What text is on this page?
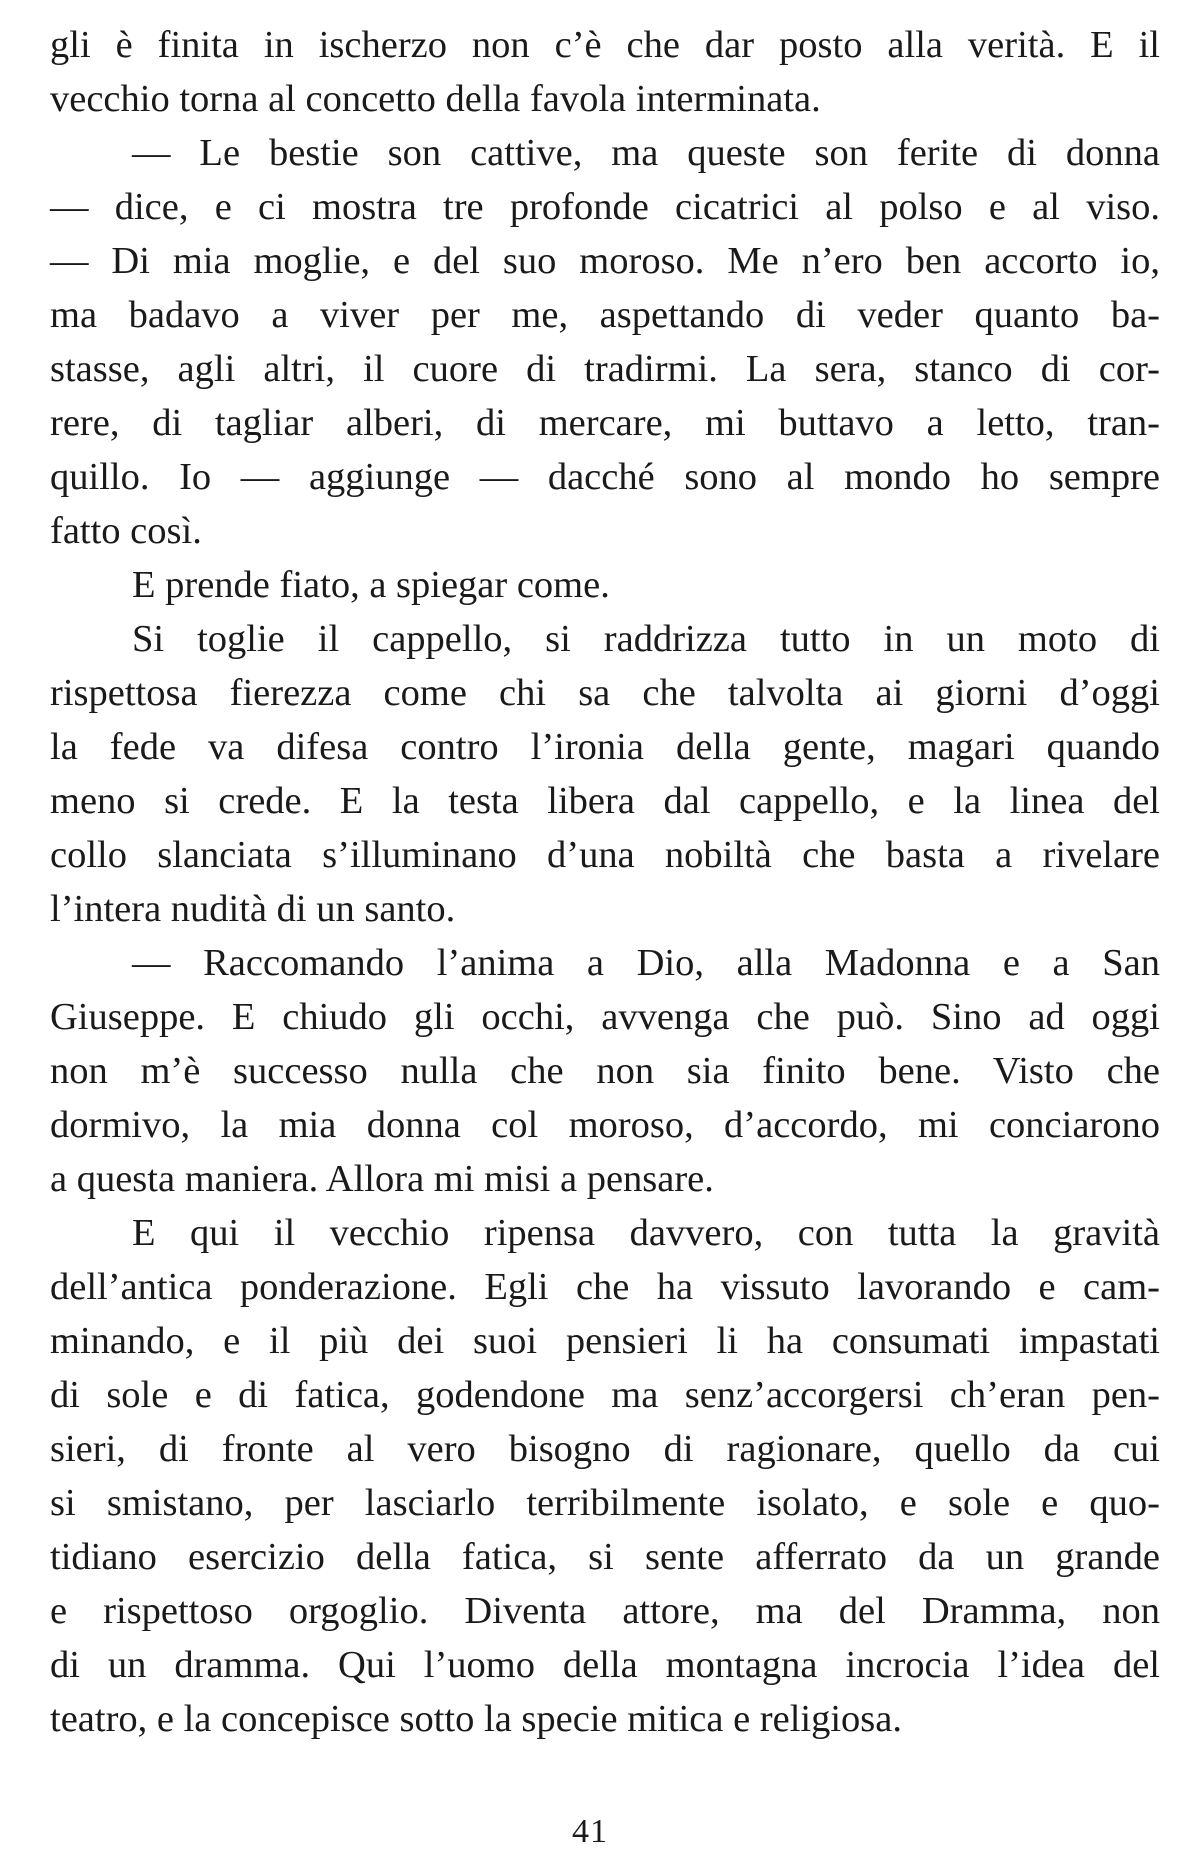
gli è finita in ischerzo non c’è che dar posto alla verità. E il
vecchio torna al concetto della favola interminata.
— Le bestie son cattive, ma queste son ferite di donna
— dice, e ci mostra tre profonde cicatrici al polso e al viso.
— Di mia moglie, e del suo moroso. Me n’ero ben accorto io,
ma badavo a viver per me, aspettando di veder quanto ba-
stasse, agli altri, il cuore di tradirmi. La sera, stanco di cor-
rere, di tagliar alberi, di mercare, mi buttavo a letto, tran-
quillo. Io — aggiunge — dacché sono al mondo ho sempre
fatto così.
E prende fiato, a spiegar come.
Si toglie il cappello, si raddrizza tutto in un moto di
rispettosa fierezza come chi sa che talvolta ai giorni d’oggi
la fede va difesa contro l’ironia della gente, magari quando
meno si crede. E la testa libera dal cappello, e la linea del
collo slanciata s’illuminano d’una nobiltà che basta a rivelare
l’intera nudità di un santo.
— Raccomando l’anima a Dio, alla Madonna e a San
Giuseppe. E chiudo gli occhi, avvenga che può. Sino ad oggi
non m’è successo nulla che non sia finito bene. Visto che
dormivo, la mia donna col moroso, d’accordo, mi conciarono
a questa maniera. Allora mi misi a pensare.
E qui il vecchio ripensa davvero, con tutta la gravità
dell’antica ponderazione. Egli che ha vissuto lavorando e cam-
minando, e il più dei suoi pensieri li ha consumati impastati
di sole e di fatica, godendone ma senz’accorgersi ch’eran pen-
sieri, di fronte al vero bisogno di ragionare, quello da cui
si smistano, per lasciarlo terribilmente isolato, e sole e quo-
tidiano esercizio della fatica, si sente afferrato da un grande
e rispettoso orgoglio. Diventa attore, ma del Dramma, non
di un dramma. Qui l’uomo della montagna incrocia l’idea del
teatro, e la concepisce sotto la specie mitica e religiosa.
41
